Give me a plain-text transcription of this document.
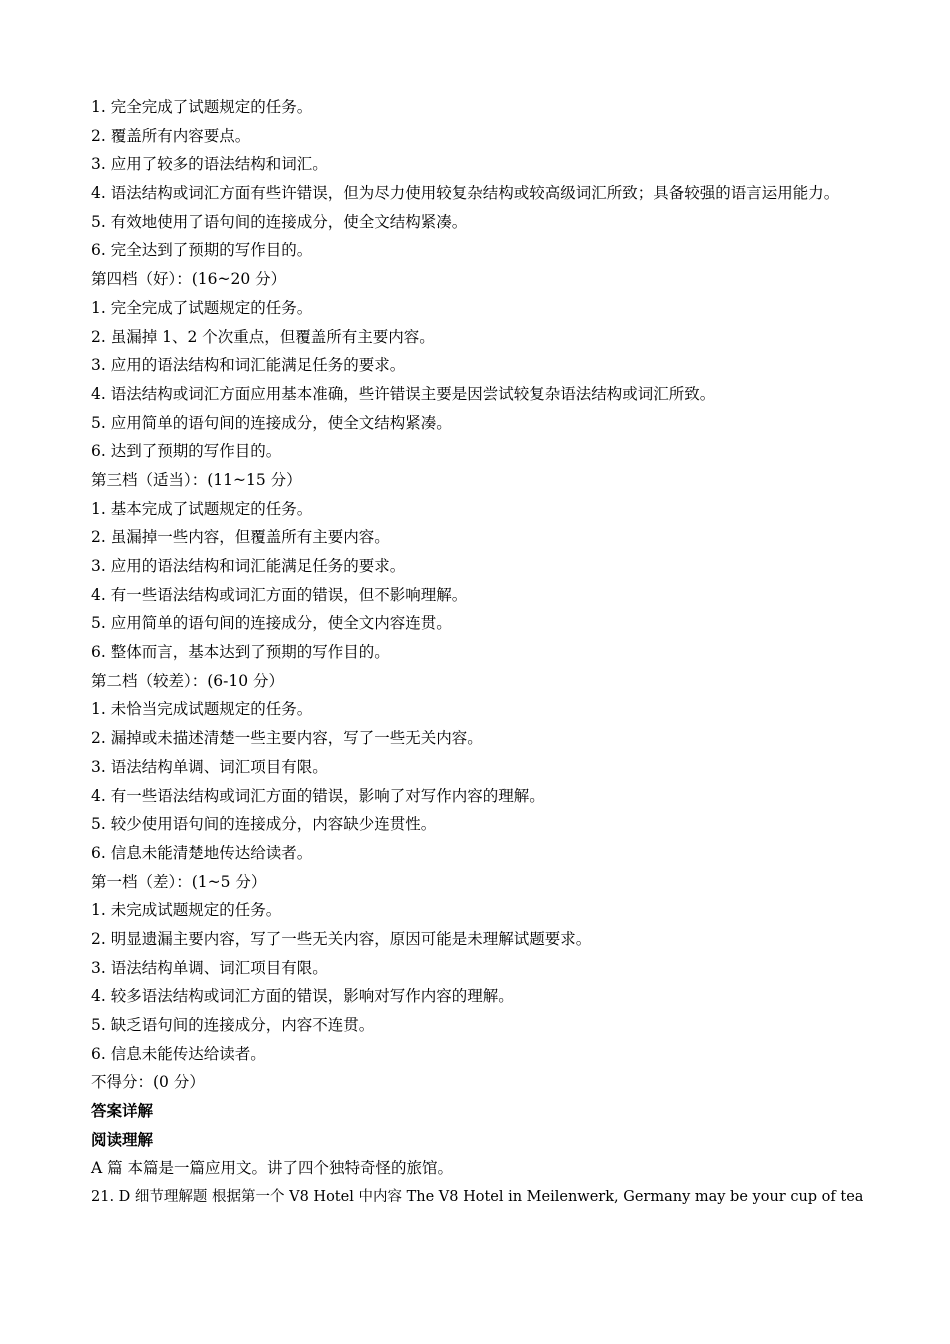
1. 完全完成了试题规定的任务。
2. 覆盖所有内容要点。
3. 应用了较多的语法结构和词汇。
4. 语法结构或词汇方面有些许错误，但为尽力使用较复杂结构或较高级词汇所致；具备较强的语言运用能力。
5. 有效地使用了语句间的连接成分，使全文结构紧凑。
6. 完全达到了预期的写作目的。
第四档（好）：(16~20 分）
1. 完全完成了试题规定的任务。
2. 虽漏掉 1、2 个次重点，但覆盖所有主要内容。
3. 应用的语法结构和词汇能满足任务的要求。
4. 语法结构或词汇方面应用基本准确，些许错误主要是因尝试较复杂语法结构或词汇所致。
5. 应用简单的语句间的连接成分，使全文结构紧凑。
6. 达到了预期的写作目的。
第三档（适当）：(11~15 分）
1. 基本完成了试题规定的任务。
2. 虽漏掉一些内容，但覆盖所有主要内容。
3. 应用的语法结构和词汇能满足任务的要求。
4. 有一些语法结构或词汇方面的错误，但不影响理解。
5. 应用简单的语句间的连接成分，使全文内容连贯。
6. 整体而言，基本达到了预期的写作目的。
第二档（较差）：(6-10 分）
1. 未恰当完成试题规定的任务。
2. 漏掉或未描述清楚一些主要内容，写了一些无关内容。
3. 语法结构单调、词汇项目有限。
4. 有一些语法结构或词汇方面的错误，影响了对写作内容的理解。
5. 较少使用语句间的连接成分，内容缺少连贯性。
6. 信息未能清楚地传达给读者。
第一档（差）：(1~5 分）
1. 未完成试题规定的任务。
2. 明显遗漏主要内容，写了一些无关内容，原因可能是未理解试题要求。
3. 语法结构单调、词汇项目有限。
4. 较多语法结构或词汇方面的错误，影响对写作内容的理解。
5. 缺乏语句间的连接成分，内容不连贯。
6. 信息未能传达给读者。
不得分：(0 分）
答案详解
阅读理解
A 篇 本篇是一篇应用文。讲了四个独特奇怪的旅馆。
21. D 细节理解题 根据第一个 V8 Hotel 中内容 The V8 Hotel in Meilenwerk, Germany may be your cup of tea
